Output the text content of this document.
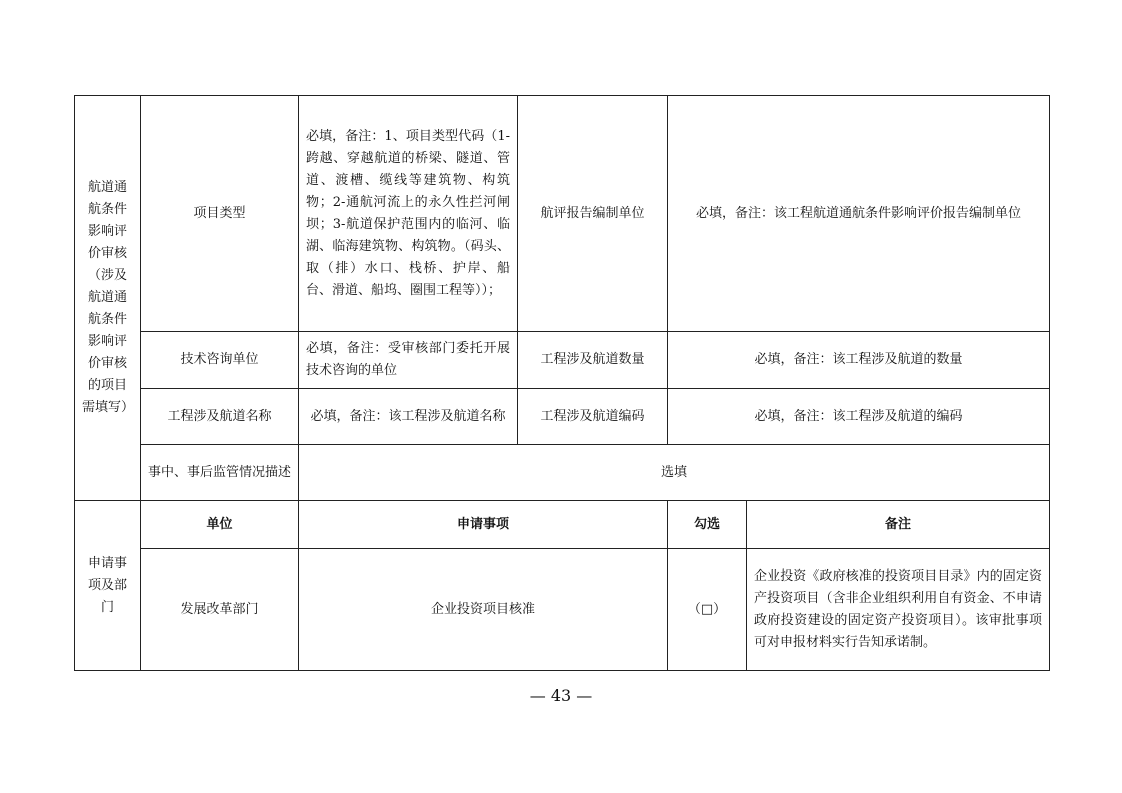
航道通航条件影响评价审核（涉及航道通航条件影响评价审核的项目需填写）	项目类型	必填，备注：1、项目类型代码（1-跨越、穿越航道的桥梁、隧道、管道、渡槽、缆线等建筑物、构筑物；2-通航河流上的永久性拦河闸坝；3-航道保护范围内的临河、临湖、临海建筑物、构筑物。（码头、取（排）水口、栈桥、护岸、船台、滑道、船坞、圈围工程等））；	航评报告编制单位	必填，备注：该工程航道通航条件影响评价报告编制单位	
	技术咨询单位	必填，备注：受审核部门委托开展技术咨询的单位	工程涉及航道数量	必填，备注：该工程涉及航道的数量	
	工程涉及航道名称	必填，备注：该工程涉及航道名称	工程涉及航道编码	必填，备注：该工程涉及航道的编码	
	事中、事后监管情况描述	选填			
申请事项及部门	单位	申请事项		勾选	备注
	发展改革部门	企业投资项目核准		（□）	企业投资《政府核准的投资项目目录》内的固定资产投资项目（含非企业组织利用自有资金、不申请政府投资建设的固定资产投资项目）。该审批事项可对申报材料实行告知承诺制。
— 43 —
